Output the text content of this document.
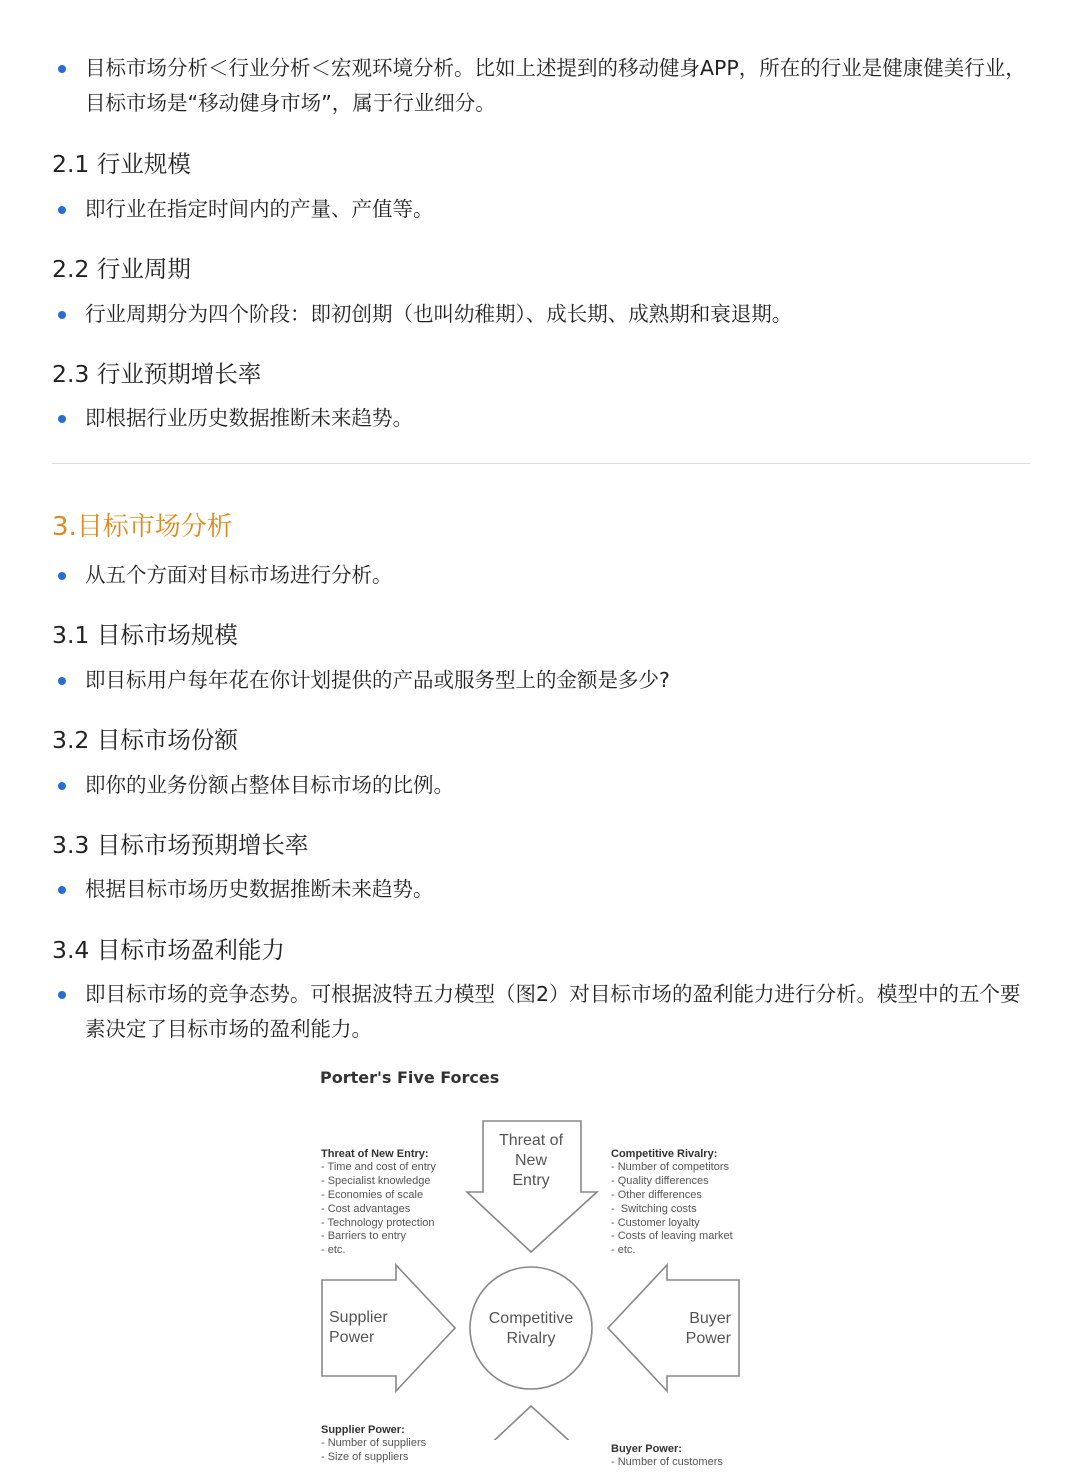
目标市场分析＜行业分析＜宏观环境分析。比如上述提到的移动健身APP，所在的行业是健康健美行业，目标市场是“移动健身市场”，属于行业细分。
2.1 行业规模
即行业在指定时间内的产量、产值等。
2.2 行业周期
行业周期分为四个阶段：即初创期（也叫幼稚期）、成长期、成熟期和衰退期。
2.3 行业预期增长率
即根据行业历史数据推断未来趋势。
3.目标市场分析
从五个方面对目标市场进行分析。
3.1 目标市场规模
即目标用户每年花在你计划提供的产品或服务型上的金额是多少?
3.2 目标市场份额
即你的业务份额占整体目标市场的比例。
3.3 目标市场预期增长率
根据目标市场历史数据推断未来趋势。
3.4 目标市场盈利能力
即目标市场的竞争态势。可根据波特五力模型（图2）对目标市场的盈利能力进行分析。模型中的五个要素决定了目标市场的盈利能力。
Porter's Five Forces

Threat of New Entry:
- Time and cost of entry
- Specialist knowledge
- Economies of scale
- Cost advantages
- Technology protection
- Barriers to entry
- etc.

Competitive Rivalry:
- Number of competitors
- Quality differences
- Other differences
-  Switching costs
- Customer loyalty
- Costs of leaving market
- etc.

Supplier Power:
- Number of suppliers
- Size of suppliers

Buyer Power:
- Number of customers

Threat of
New
Entry
Supplier
Power
Competitive
Rivalry
Buyer
Power
